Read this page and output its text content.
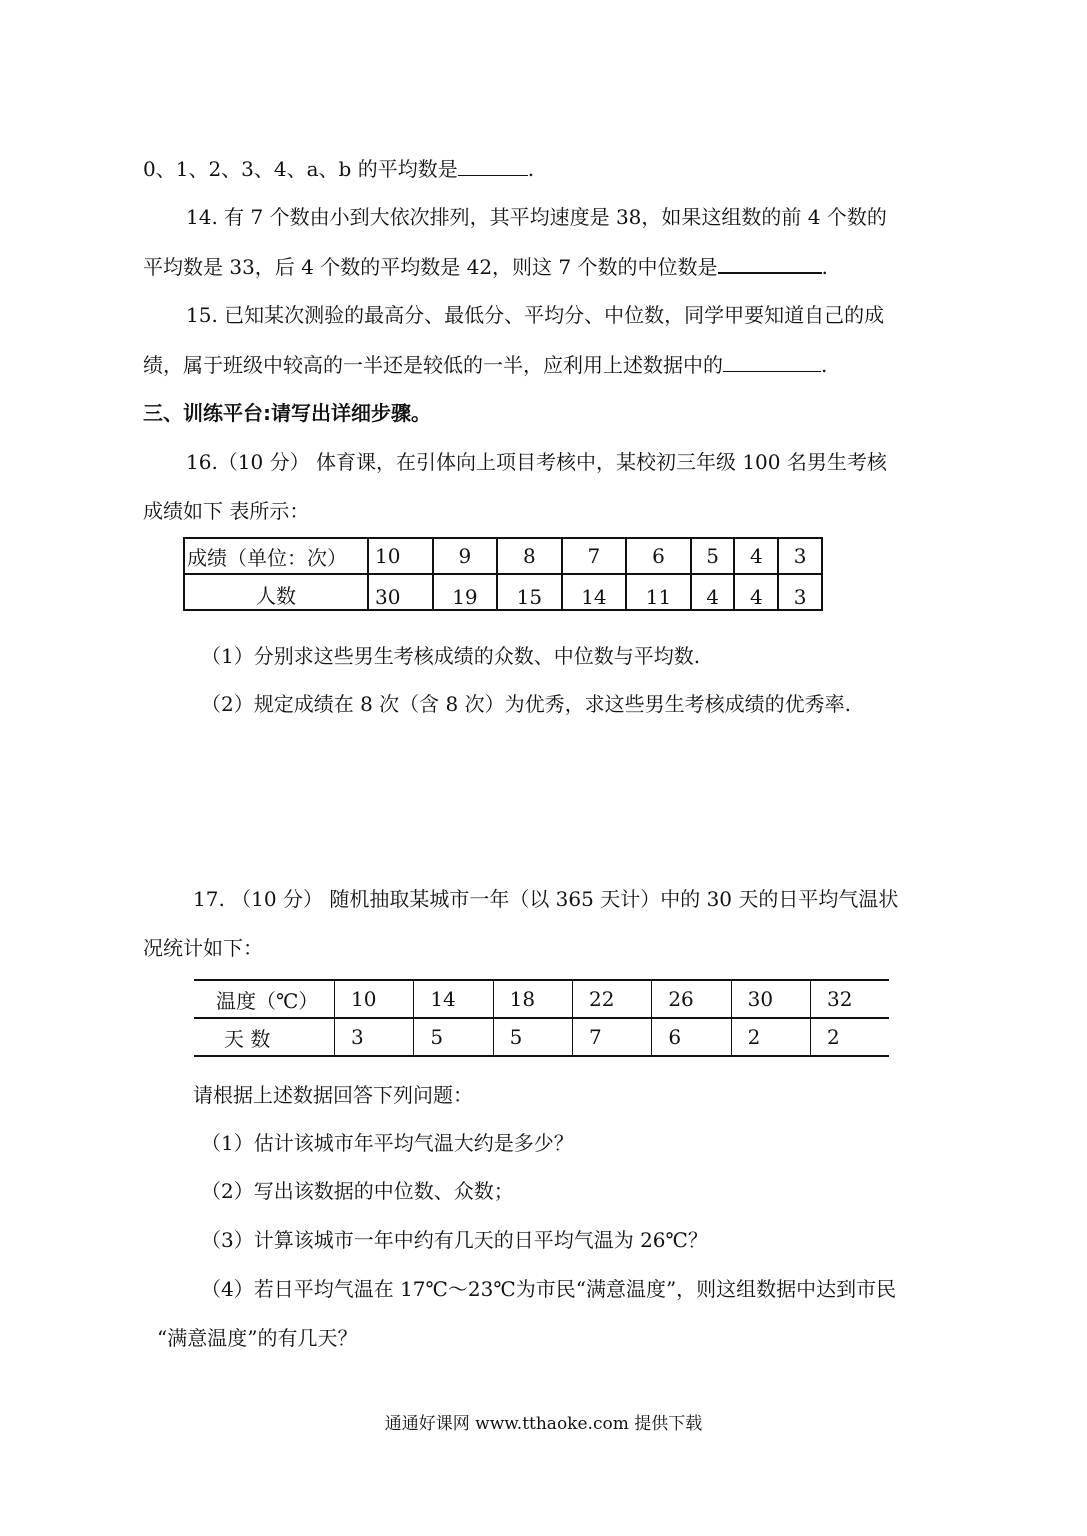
0、1、2、3、4、a、b 的平均数是	.
14. 有 7 个数由小到大依次排列，其平均速度是 38，如果这组数的前 4 个数的
平均数是 33，后 4 个数的平均数是 42，则这 7 个数的中位数是	.
15. 已知某次测验的最高分、最低分、平均分、中位数，同学甲要知道自己的成
绩，属于班级中较高的一半还是较低的一半，应利用上述数据中的	.
三、训练平台:请写出详细步骤。
16.（10 分） 体育课，在引体向上项目考核中，某校初三年级 100 名男生考核
成绩如下 表所示：
成绩（单位：次）	10	9	8	7	6	5	4	3
人数	30	19	15	14	11	4	4	3
（1）分别求这些男生考核成绩的众数、中位数与平均数.
（2）规定成绩在 8 次（含 8 次）为优秀，求这些男生考核成绩的优秀率.
17. （10 分） 随机抽取某城市一年（以 365 天计）中的 30 天的日平均气温状
况统计如下：
温度（℃）	10	14	18	22	26	30	32
天 数	3	5	5	7	6	2	2
请根据上述数据回答下列问题：
（1）估计该城市年平均气温大约是多少？
（2）写出该数据的中位数、众数；
（3）计算该城市一年中约有几天的日平均气温为 26℃？
（4）若日平均气温在 17℃～23℃为市民“满意温度”，则这组数据中达到市民
“满意温度”的有几天？
通通好课网 www.tthaoke.com 提供下载
